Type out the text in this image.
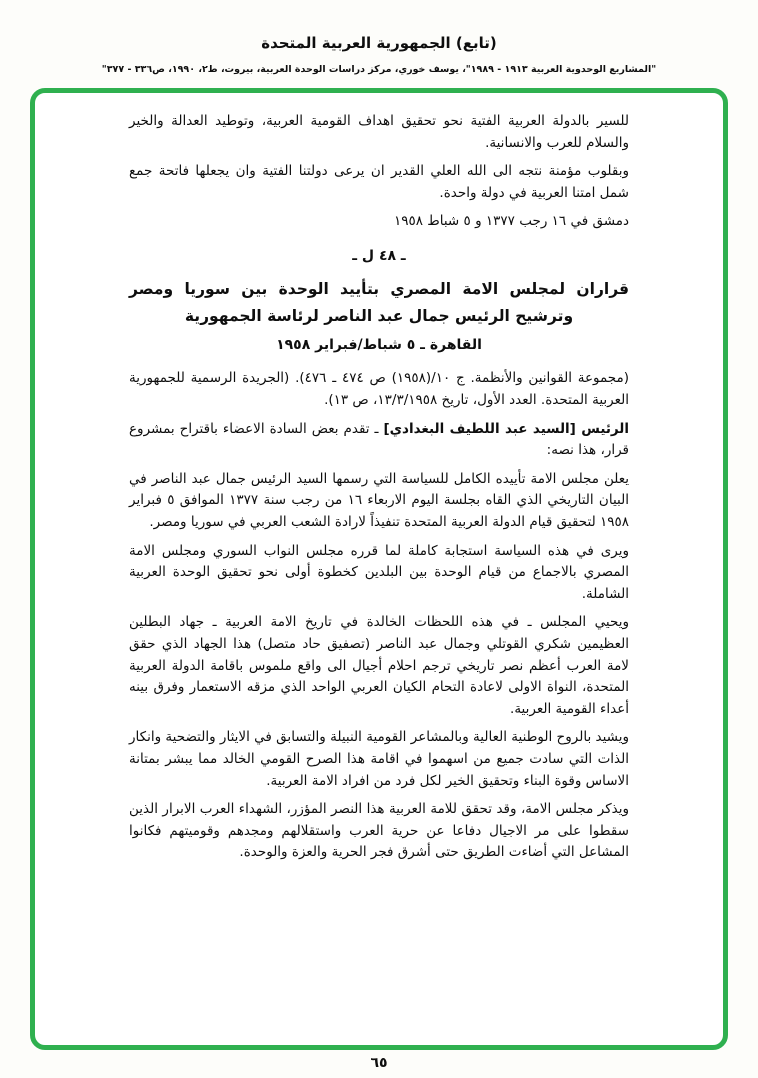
(تابع) الجمهورية العربية المتحدة
"المشاريع الوحدوية العربية ١٩١٣ - ١٩٨٩"، يوسف خوري، مركز دراسات الوحدة العربية، بيروت، ط٢، ١٩٩٠، ص٣٣٦ - ٣٧٧"

للسير بالدولة العربية الفتية نحو تحقيق اهداف القومية العربية، وتوطيد العدالة والخير والسلام للعرب والانسانية.

وبقلوب مؤمنة نتجه الى الله العلي القدير ان يرعى دولتنا الفتية وان يجعلها فاتحة جمع شمل امتنا العربية في دولة واحدة.

دمشق في ١٦ رجب ١٣٧٧ و ٥ شباط ١٩٥٨

ـ ٤٨ ل ـ
قراران لمجلس الامة المصري بتأييد الوحدة بين سوريا ومصر وترشيح الرئيس جمال عبد الناصر لرئاسة الجمهورية
القاهرة ـ ٥ شباط/فبراير ١٩٥٨

(مجموعة القوانين والأنظمة. ج ١٠/(١٩٥٨) ص ٤٧٤ ـ ٤٧٦). (الجريدة الرسمية للجمهورية العربية المتحدة. العدد الأول، تاريخ ١٣/٣/١٩٥٨، ص ١٣).

الرئيس [السيد عبد اللطيف البغدادي] ـ تقدم بعض السادة الاعضاء باقتراح بمشروع قرار، هذا نصه:

يعلن مجلس الامة تأييده الكامل للسياسة التي رسمها السيد الرئيس جمال عبد الناصر في البيان التاريخي الذي القاه بجلسة اليوم الاربعاء ١٦ من رجب سنة ١٣٧٧ الموافق ٥ فبراير ١٩٥٨ لتحقيق قيام الدولة العربية المتحدة تنفيذاً لارادة الشعب العربي في سوريا ومصر.

ويرى في هذه السياسة استجابة كاملة لما قرره مجلس النواب السوري ومجلس الامة المصري بالاجماع من قيام الوحدة بين البلدين كخطوة أولى نحو تحقيق الوحدة العربية الشاملة.

ويحيي المجلس ـ في هذه اللحظات الخالدة في تاريخ الامة العربية ـ جهاد البطلين العظيمين شكري القوتلي وجمال عبد الناصر (تصفيق حاد متصل) هذا الجهاد الذي حقق لامة العرب أعظم نصر تاريخي ترجم احلام أجيال الى واقع ملموس باقامة الدولة العربية المتحدة، النواة الاولى لاعادة التحام الكيان العربي الواحد الذي مزقه الاستعمار وفرق بينه أعداء القومية العربية.

ويشيد بالروح الوطنية العالية وبالمشاعر القومية النبيلة والتسابق في الايثار والتضحية وانكار الذات التي سادت جميع من اسهموا في اقامة هذا الصرح القومي الخالد مما يبشر بمتانة الاساس وقوة البناء وتحقيق الخير لكل فرد من افراد الامة العربية.

ويذكر مجلس الامة، وقد تحقق للامة العربية هذا النصر المؤزر، الشهداء العرب الابرار الذين سقطوا على مر الاجيال دفاعا عن حرية العرب واستقلالهم ومجدهم وقوميتهم فكانوا المشاعل التي أضاءت الطريق حتى أشرق فجر الحرية والعزة والوحدة.

٦٥
